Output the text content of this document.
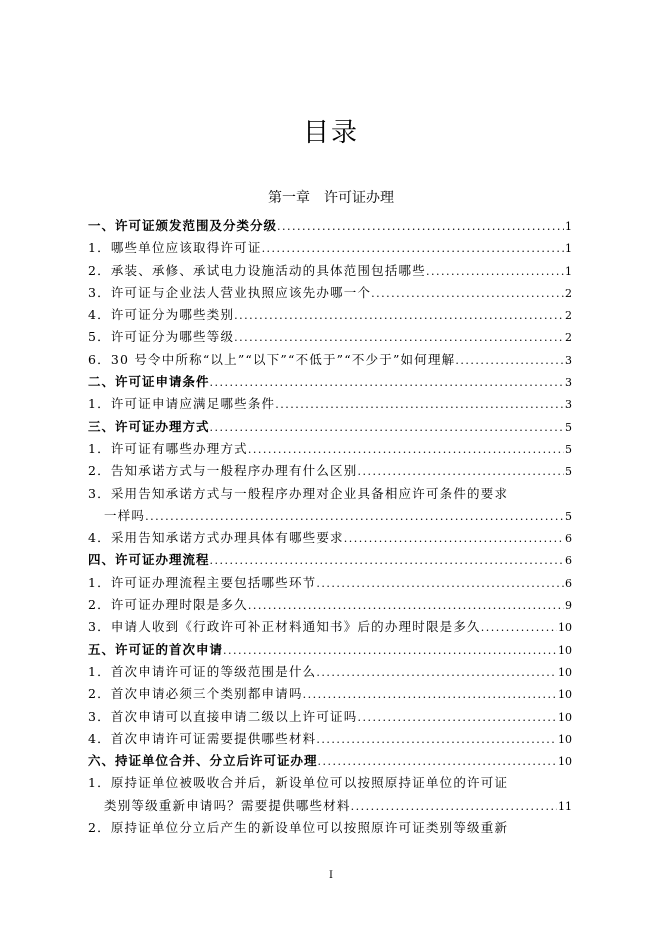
目录
第一章 许可证办理
一、许可证颁发范围及分类分级 .....	1
1．哪些单位应该取得许可证 .....	1
2．承装、承修、承试电力设施活动的具体范围包括哪些 .....	1
3．许可证与企业法人营业执照应该先办哪一个 .....	2
4．许可证分为哪些类别 .....	2
5．许可证分为哪些等级 .....	2
6．30 号令中所称“以上”“以下”“不低于”“不少于”如何理解 .....	3
二、许可证申请条件 .....	3
1．许可证申请应满足哪些条件 .....	3
三、许可证办理方式 .....	5
1．许可证有哪些办理方式 .....	5
2．告知承诺方式与一般程序办理有什么区别 .....	5
3．采用告知承诺方式与一般程序办理对企业具备相应许可条件的要求
一样吗 .....	5
4．采用告知承诺方式办理具体有哪些要求 .....	6
四、许可证办理流程 .....	6
1．许可证办理流程主要包括哪些环节 .....	6
2．许可证办理时限是多久 .....	9
3．申请人收到《行政许可补正材料通知书》后的办理时限是多久 .....	10
五、许可证的首次申请 .....	10
1．首次申请许可证的等级范围是什么 .....	10
2．首次申请必须三个类别都申请吗 .....	10
3．首次申请可以直接申请二级以上许可证吗 .....	10
4．首次申请许可证需要提供哪些材料 .....	10
六、持证单位合并、分立后许可证办理 .....	10
1．原持证单位被吸收合并后，新设单位可以按照原持证单位的许可证
类别等级重新申请吗？需要提供哪些材料 .....	11
2．原持证单位分立后产生的新设单位可以按照原许可证类别等级重新
I
